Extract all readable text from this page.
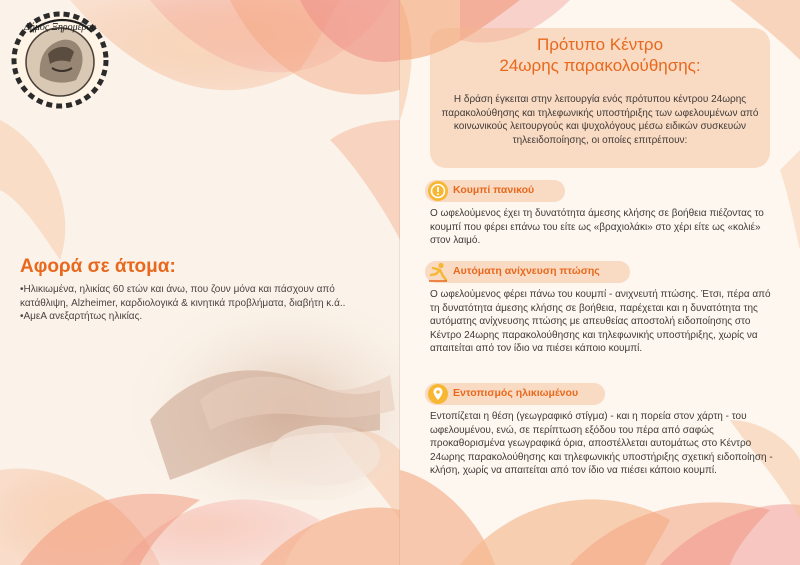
Δήμος Ξηρομέρου
Αφορά σε άτομα:
•Ηλικιωμένα, ηλικίας 60 ετών και άνω, που ζουν μόνα και πάσχουν από κατάθλιψη, Alzheimer, καρδιολογικά & κινητικά προβλήματα, διαβήτη κ.ά..
•ΑμεΑ ανεξαρτήτως ηλικίας.
Πρότυπο Κέντρο
24ωρης παρακολούθησης:

Η δράση έγκειται στην λειτουργία ενός πρότυπου κέντρου 24ωρης παρακολούθησης και τηλεφωνικής υποστήριξης των ωφελουμένων από κοινωνικούς λειτουργούς και ψυχολόγους μέσω ειδικών συσκευών τηλεειδοποίησης, οι οποίες επιτρέπουν:

Κουμπί πανικού

Ο ωφελούμενος έχει τη δυνατότητα άμεσης κλήσης σε βοήθεια πιέζοντας το κουμπί που φέρει επάνω του είτε ως «βραχιολάκι» στο χέρι είτε ως «κολιέ» στον λαιμό.

Αυτόματη ανίχνευση πτώσης

Ο ωφελούμενος φέρει πάνω του κουμπί - ανιχνευτή πτώσης. Έτσι, πέρα από τη δυνατότητα άμεσης κλήσης σε βοήθεια, παρέχεται και η δυνατότητα της αυτόματης ανίχνευσης πτώσης με απευθείας αποστολή ειδοποίησης στο Κέντρο 24ωρης παρακολούθησης και τηλεφωνικής υποστήριξης, χωρίς να απαιτείται από τον ίδιο να πιέσει κάποιο κουμπί.

Εντοπισμός ηλικιωμένου

Εντοπίζεται η θέση (γεωγραφικό στίγμα) - και η πορεία στον χάρτη - του ωφελουμένου, ενώ, σε περίπτωση εξόδου του πέρα από σαφώς προκαθορισμένα γεωγραφικά όρια, αποστέλλεται αυτομάτως στο Κέντρο 24ωρης παρακολούθησης και τηλεφωνικής υποστήριξης σχετική ειδοποίηση - κλήση, χωρίς να απαιτείται από τον ίδιο να πιέσει κάποιο κουμπί.
